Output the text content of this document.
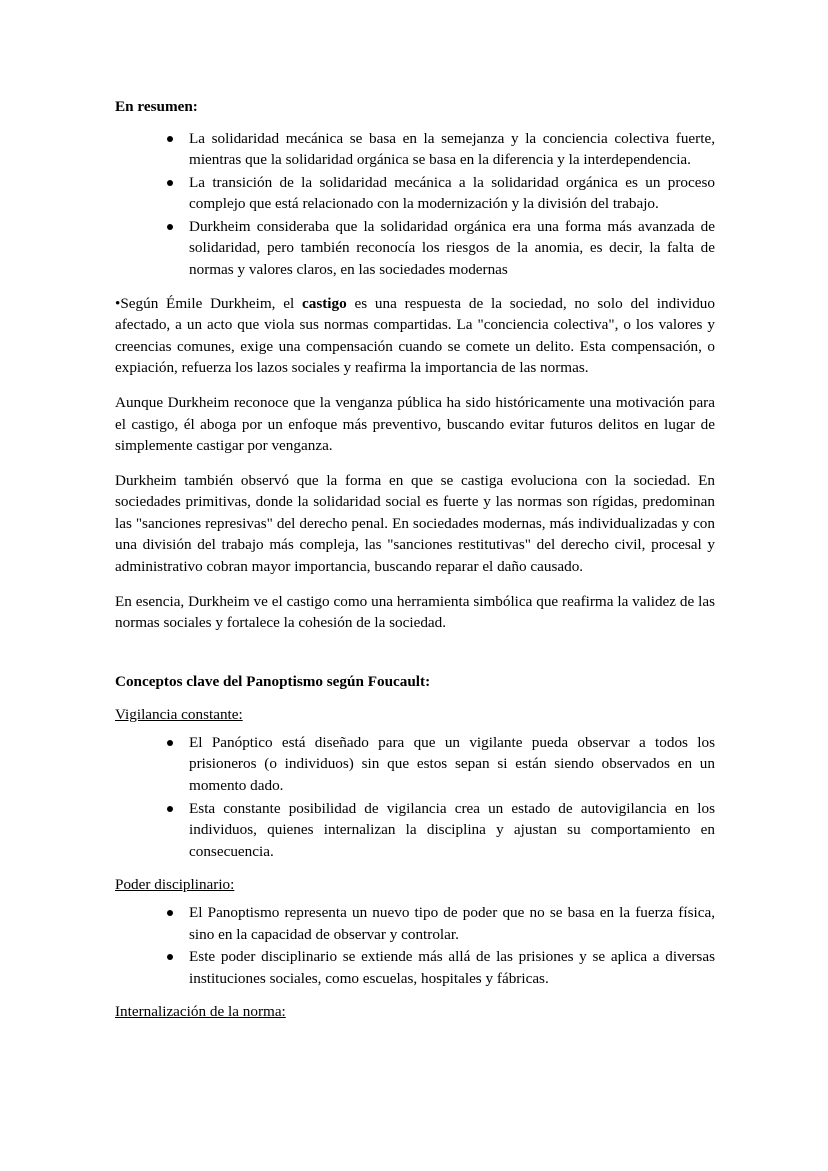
En resumen:

La solidaridad mecánica se basa en la semejanza y la conciencia colectiva fuerte, mientras que la solidaridad orgánica se basa en la diferencia y la interdependencia.
La transición de la solidaridad mecánica a la solidaridad orgánica es un proceso complejo que está relacionado con la modernización y la división del trabajo.
Durkheim consideraba que la solidaridad orgánica era una forma más avanzada de solidaridad, pero también reconocía los riesgos de la anomia, es decir, la falta de normas y valores claros, en las sociedades modernas

•Según Émile Durkheim, el castigo es una respuesta de la sociedad, no solo del individuo afectado, a un acto que viola sus normas compartidas. La "conciencia colectiva", o los valores y creencias comunes, exige una compensación cuando se comete un delito. Esta compensación, o expiación, refuerza los lazos sociales y reafirma la importancia de las normas.

Aunque Durkheim reconoce que la venganza pública ha sido históricamente una motivación para el castigo, él aboga por un enfoque más preventivo, buscando evitar futuros delitos en lugar de simplemente castigar por venganza.

Durkheim también observó que la forma en que se castiga evoluciona con la sociedad. En sociedades primitivas, donde la solidaridad social es fuerte y las normas son rígidas, predominan las "sanciones represivas" del derecho penal. En sociedades modernas, más individualizadas y con una división del trabajo más compleja, las "sanciones restitutivas" del derecho civil, procesal y administrativo cobran mayor importancia, buscando reparar el daño causado.

En esencia, Durkheim ve el castigo como una herramienta simbólica que reafirma la validez de las normas sociales y fortalece la cohesión de la sociedad.

Conceptos clave del Panoptismo según Foucault:

Vigilancia constante:

El Panóptico está diseñado para que un vigilante pueda observar a todos los prisioneros (o individuos) sin que estos sepan si están siendo observados en un momento dado.
Esta constante posibilidad de vigilancia crea un estado de autovigilancia en los individuos, quienes internalizan la disciplina y ajustan su comportamiento en consecuencia.

Poder disciplinario:

El Panoptismo representa un nuevo tipo de poder que no se basa en la fuerza física, sino en la capacidad de observar y controlar.
Este poder disciplinario se extiende más allá de las prisiones y se aplica a diversas instituciones sociales, como escuelas, hospitales y fábricas.

Internalización de la norma:
